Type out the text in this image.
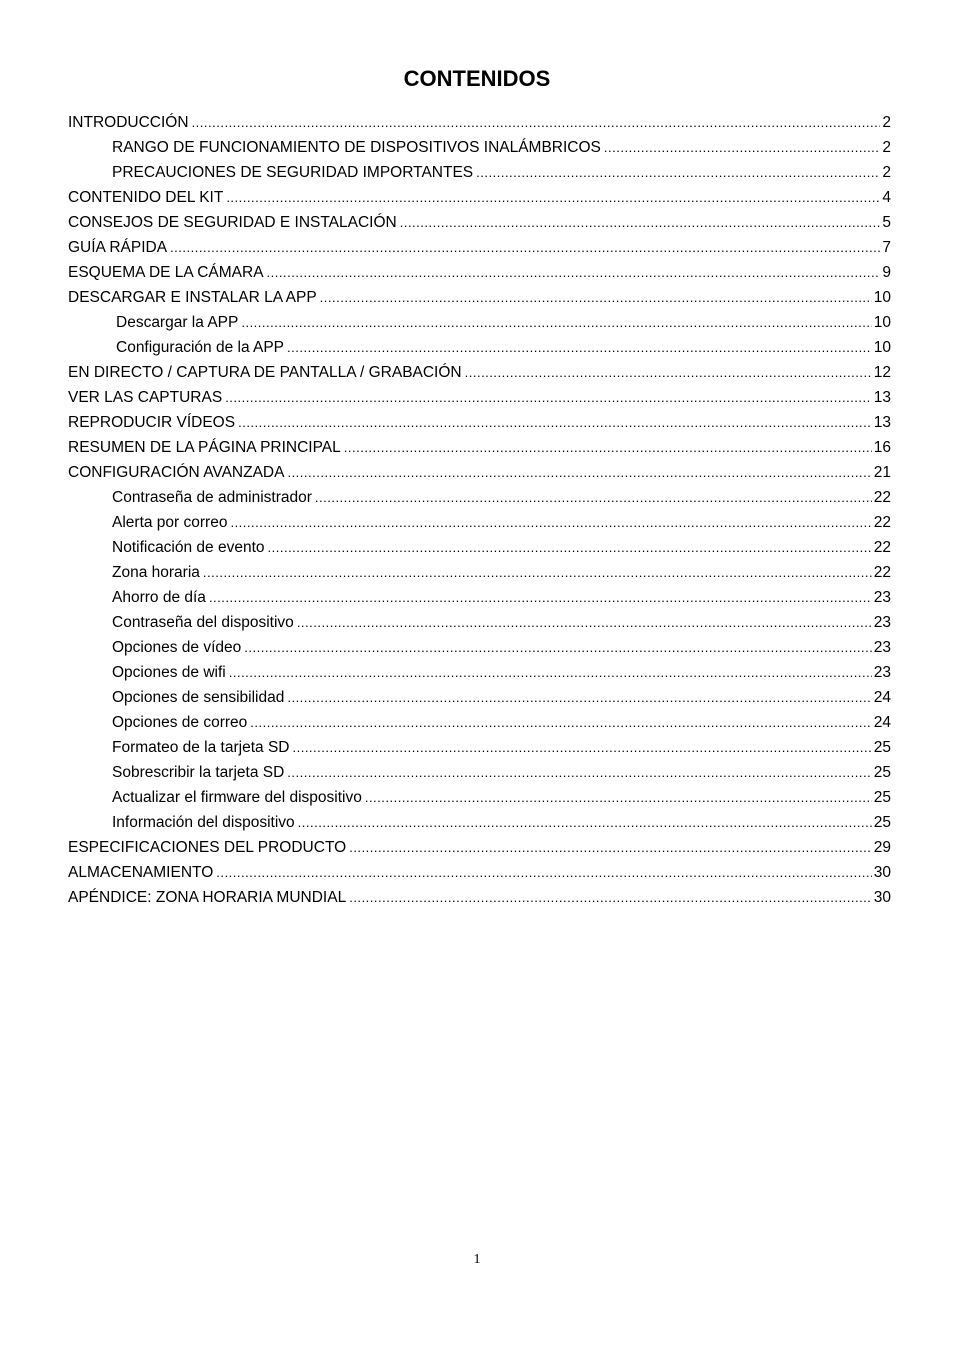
CONTENIDOS
INTRODUCCIÓN .....	2
RANGO DE FUNCIONAMIENTO DE DISPOSITIVOS INALÁMBRICOS .....	2
PRECAUCIONES DE SEGURIDAD IMPORTANTES .....	2
CONTENIDO DEL KIT .....	4
CONSEJOS DE SEGURIDAD E INSTALACIÓN .....	5
GUÍA RÁPIDA .....	7
ESQUEMA DE LA CÁMARA .....	9
DESCARGAR E INSTALAR LA APP .....	10
Descargar la APP .....	10
Configuración de la APP .....	10
EN DIRECTO / CAPTURA DE PANTALLA / GRABACIÓN .....	12
VER LAS CAPTURAS .....	13
REPRODUCIR VÍDEOS .....	13
RESUMEN DE LA PÁGINA PRINCIPAL .....	16
CONFIGURACIÓN AVANZADA .....	21
Contraseña de administrador .....	22
Alerta por correo .....	22
Notificación de evento .....	22
Zona horaria .....	22
Ahorro de día .....	23
Contraseña del dispositivo .....	23
Opciones de vídeo .....	23
Opciones de wifi .....	23
Opciones de sensibilidad .....	24
Opciones de correo .....	24
Formateo de la tarjeta SD .....	25
Sobrescribir la tarjeta SD .....	25
Actualizar el firmware del dispositivo .....	25
Información del dispositivo .....	25
ESPECIFICACIONES DEL PRODUCTO .....	29
ALMACENAMIENTO .....	30
APÉNDICE: ZONA HORARIA MUNDIAL .....	30
1
